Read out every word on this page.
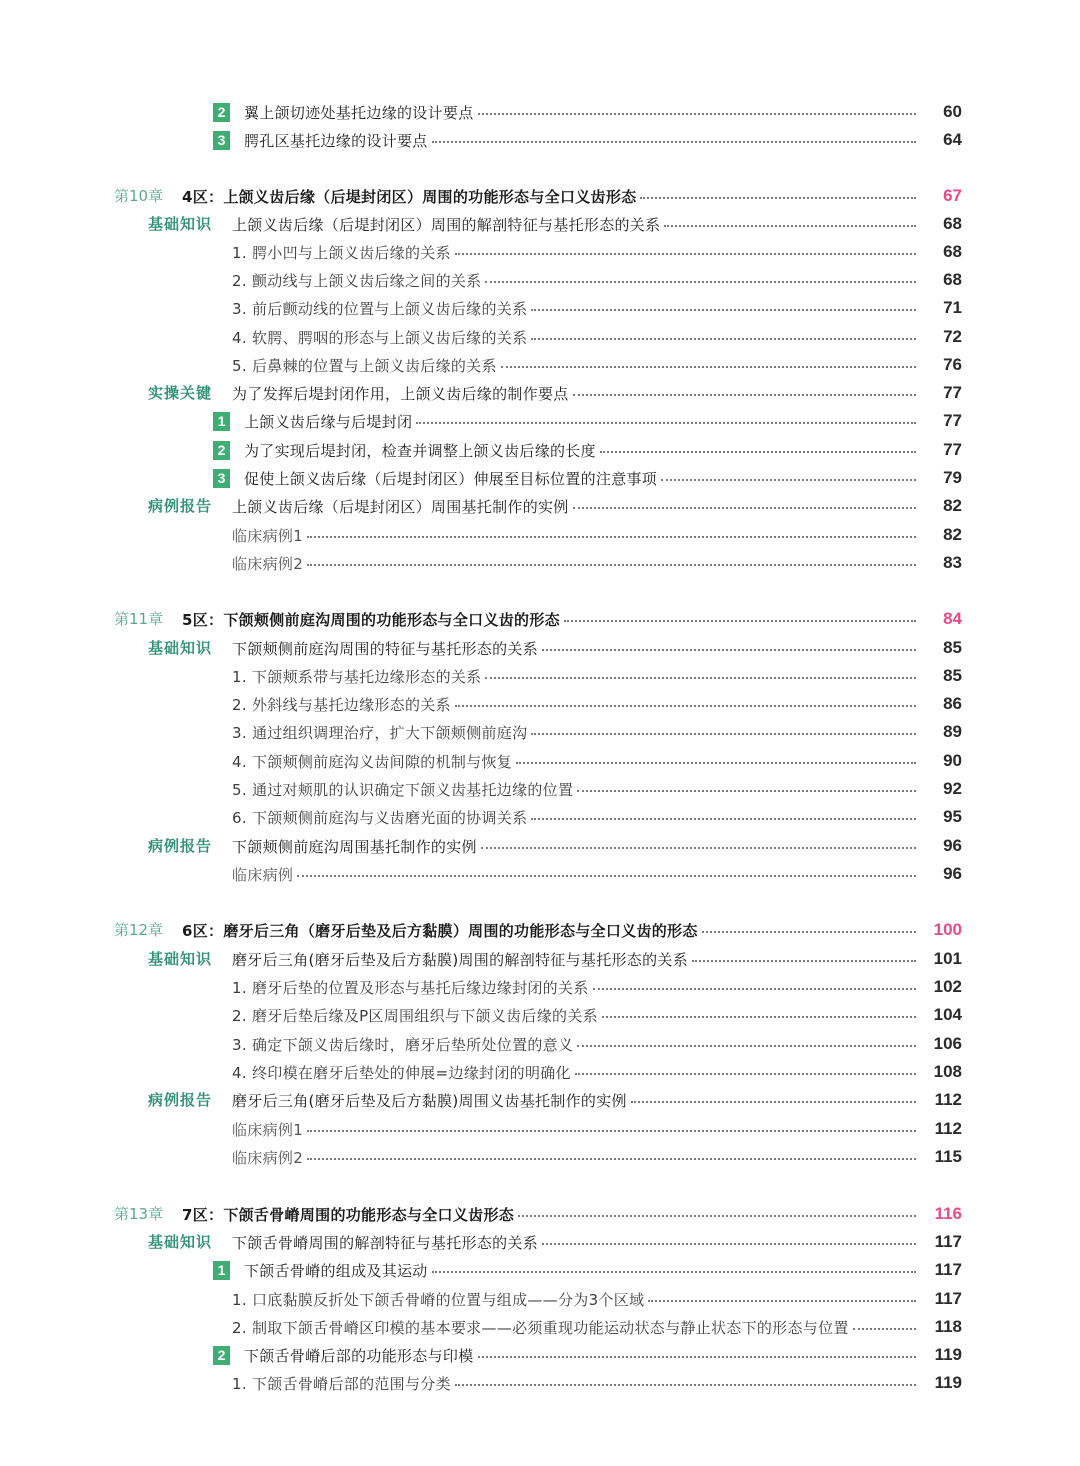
2	翼上颌切迹处基托边缘的设计要点	60
3	腭孔区基托边缘的设计要点	64
第10章 4区：上颌义齿后缘（后堤封闭区）周围的功能形态与全口义齿形态	67
基础知识 上颌义齿后缘（后堤封闭区）周围的解剖特征与基托形态的关系	68
1. 腭小凹与上颌义齿后缘的关系	68
2. 颤动线与上颌义齿后缘之间的关系	68
3. 前后颤动线的位置与上颌义齿后缘的关系	71
4. 软腭、腭咽的形态与上颌义齿后缘的关系	72
5. 后鼻棘的位置与上颌义齿后缘的关系	76
实操关键 为了发挥后堤封闭作用，上颌义齿后缘的制作要点	77
1	上颌义齿后缘与后堤封闭	77
2	为了实现后堤封闭，检查并调整上颌义齿后缘的长度	77
3	促使上颌义齿后缘（后堤封闭区）伸展至目标位置的注意事项	79
病例报告 上颌义齿后缘（后堤封闭区）周围基托制作的实例	82
临床病例1	82
临床病例2	83
第11章 5区：下颌颊侧前庭沟周围的功能形态与全口义齿的形态	84
基础知识 下颌颊侧前庭沟周围的特征与基托形态的关系	85
1. 下颌颊系带与基托边缘形态的关系	85
2. 外斜线与基托边缘形态的关系	86
3. 通过组织调理治疗，扩大下颌颊侧前庭沟	89
4. 下颌颊侧前庭沟义齿间隙的机制与恢复	90
5. 通过对颊肌的认识确定下颌义齿基托边缘的位置	92
6. 下颌颊侧前庭沟与义齿磨光面的协调关系	95
病例报告 下颌颊侧前庭沟周围基托制作的实例	96
临床病例	96
第12章 6区：磨牙后三角（磨牙后垫及后方黏膜）周围的功能形态与全口义齿的形态	100
基础知识 磨牙后三角(磨牙后垫及后方黏膜)周围的解剖特征与基托形态的关系	101
1. 磨牙后垫的位置及形态与基托后缘边缘封闭的关系	102
2. 磨牙后垫后缘及P区周围组织与下颌义齿后缘的关系	104
3. 确定下颌义齿后缘时，磨牙后垫所处位置的意义	106
4. 终印模在磨牙后垫处的伸展=边缘封闭的明确化	108
病例报告 磨牙后三角(磨牙后垫及后方黏膜)周围义齿基托制作的实例	112
临床病例1	112
临床病例2	115
第13章 7区：下颌舌骨嵴周围的功能形态与全口义齿形态	116
基础知识 下颌舌骨嵴周围的解剖特征与基托形态的关系	117
1	下颌舌骨嵴的组成及其运动	117
1. 口底黏膜反折处下颌舌骨嵴的位置与组成——分为3个区域	117
2. 制取下颌舌骨嵴区印模的基本要求——必须重现功能运动状态与静止状态下的形态与位置	118
2	下颌舌骨嵴后部的功能形态与印模	119
1. 下颌舌骨嵴后部的范围与分类	119
